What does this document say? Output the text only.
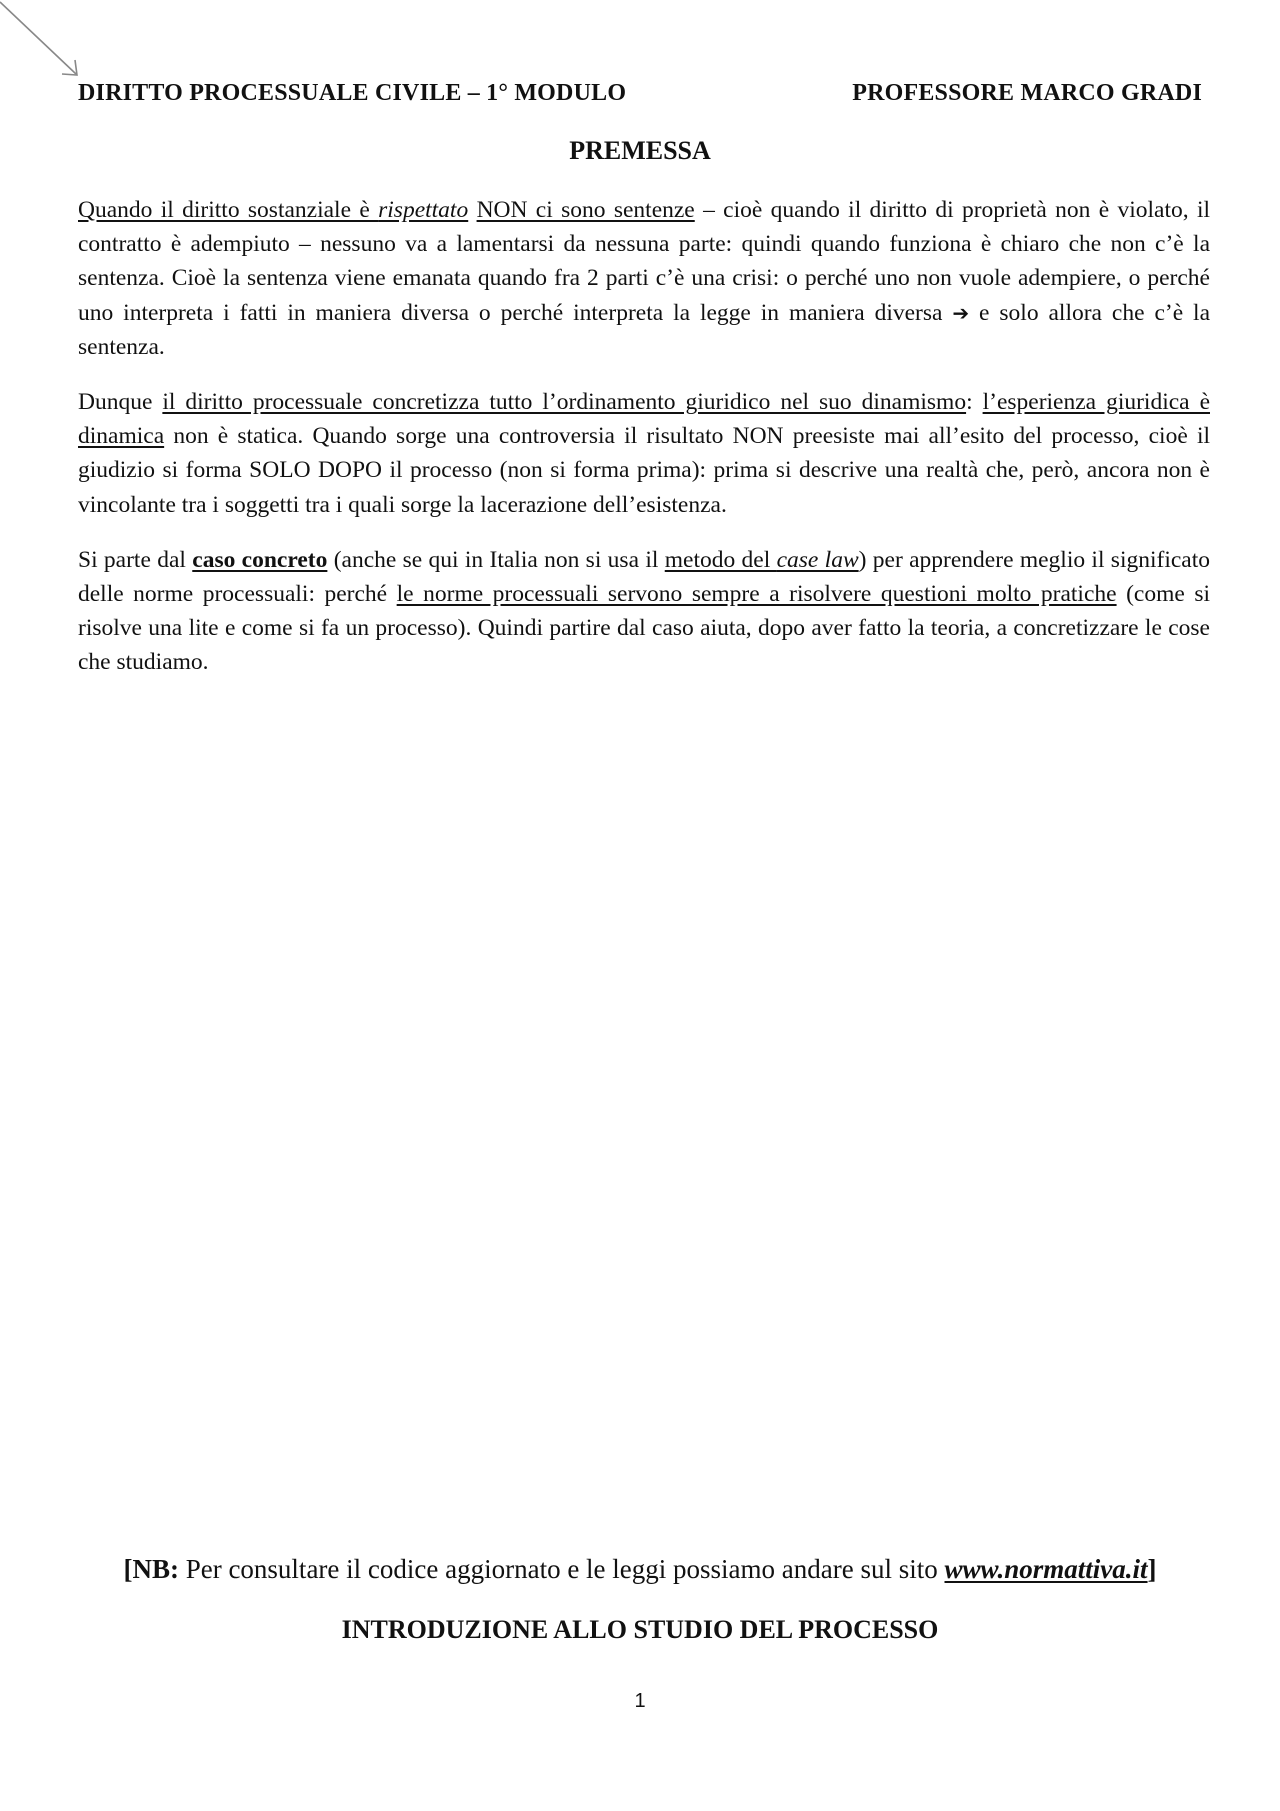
DIRITTO PROCESSUALE CIVILE – 1° MODULO	PROFESSORE MARCO GRADI
PREMESSA

Quando il diritto sostanziale è rispettato NON ci sono sentenze – cioè quando il diritto di proprietà non è violato, il contratto è adempiuto – nessuno va a lamentarsi da nessuna parte: quindi quando funziona è chiaro che non c’è la sentenza. Cioè la sentenza viene emanata quando fra 2 parti c’è una crisi: o perché uno non vuole adempiere, o perché uno interpreta i fatti in maniera diversa o perché interpreta la legge in maniera diversa ➔ e solo allora che c’è la sentenza.

Dunque il diritto processuale concretizza tutto l’ordinamento giuridico nel suo dinamismo: l’esperienza giuridica è dinamica non è statica. Quando sorge una controversia il risultato NON preesiste mai all’esito del processo, cioè il giudizio si forma SOLO DOPO il processo (non si forma prima): prima si descrive una realtà che, però, ancora non è vincolante tra i soggetti tra i quali sorge la lacerazione dell’esistenza.

Si parte dal caso concreto (anche se qui in Italia non si usa il metodo del case law) per apprendere meglio il significato delle norme processuali: perché le norme processuali servono sempre a risolvere questioni molto pratiche (come si risolve una lite e come si fa un processo). Quindi partire dal caso aiuta, dopo aver fatto la teoria, a concretizzare le cose che studiamo.

[NB: Per consultare il codice aggiornato e le leggi possiamo andare sul sito www.normattiva.it]
INTRODUZIONE ALLO STUDIO DEL PROCESSO
1
